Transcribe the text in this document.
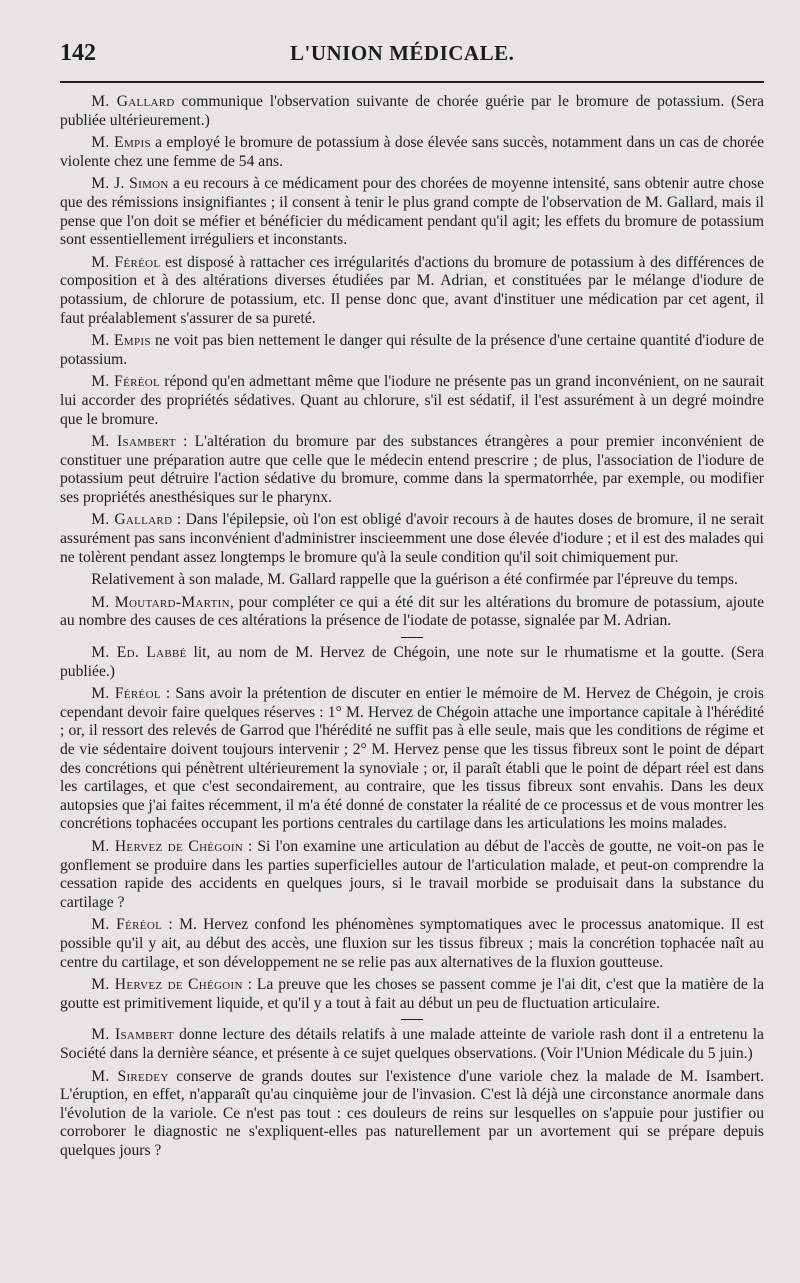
142	L'UNION MÉDICALE.

M. Gallard communique l'observation suivante de chorée guérie par le bromure de potassium. (Sera publiée ultérieurement.)

M. Empis a employé le bromure de potassium à dose élevée sans succès, notamment dans un cas de chorée violente chez une femme de 54 ans.

M. J. Simon a eu recours à ce médicament pour des chorées de moyenne intensité, sans obtenir autre chose que des rémissions insignifiantes ; il consent à tenir le plus grand compte de l'observation de M. Gallard, mais il pense que l'on doit se méfier et bénéficier du médicament pendant qu'il agit; les effets du bromure de potassium sont essentiellement irréguliers et inconstants.

M. Féréol est disposé à rattacher ces irrégularités d'actions du bromure de potassium à des différences de composition et à des altérations diverses étudiées par M. Adrian, et constituées par le mélange d'iodure de potassium, de chlorure de potassium, etc. Il pense donc que, avant d'instituer une médication par cet agent, il faut préalablement s'assurer de sa pureté.

M. Empis ne voit pas bien nettement le danger qui résulte de la présence d'une certaine quantité d'iodure de potassium.

M. Féréol répond qu'en admettant même que l'iodure ne présente pas un grand inconvénient, on ne saurait lui accorder des propriétés sédatives. Quant au chlorure, s'il est sédatif, il l'est assurément à un degré moindre que le bromure.

M. Isambert : L'altération du bromure par des substances étrangères a pour premier inconvénient de constituer une préparation autre que celle que le médecin entend prescrire ; de plus, l'association de l'iodure de potassium peut détruire l'action sédative du bromure, comme dans la spermatorrhée, par exemple, ou modifier ses propriétés anesthésiques sur le pharynx.

M. Gallard : Dans l'épilepsie, où l'on est obligé d'avoir recours à de hautes doses de bromure, il ne serait assurément pas sans inconvénient d'administrer inscieemment une dose élevée d'iodure ; et il est des malades qui ne tolèrent pendant assez longtemps le bromure qu'à la seule condition qu'il soit chimiquement pur.

Relativement à son malade, M. Gallard rappelle que la guérison a été confirmée par l'épreuve du temps.

M. Moutard-Martin, pour compléter ce qui a été dit sur les altérations du bromure de potassium, ajoute au nombre des causes de ces altérations la présence de l'iodate de potasse, signalée par M. Adrian.

M. Ed. Labbé lit, au nom de M. Hervez de Chégoin, une note sur le rhumatisme et la goutte. (Sera publiée.)

M. Féréol : Sans avoir la prétention de discuter en entier le mémoire de M. Hervez de Chégoin, je crois cependant devoir faire quelques réserves : 1° M. Hervez de Chégoin attache une importance capitale à l'hérédité ; or, il ressort des relevés de Garrod que l'hérédité ne suffit pas à elle seule, mais que les conditions de régime et de vie sédentaire doivent toujours intervenir ; 2° M. Hervez pense que les tissus fibreux sont le point de départ des concrétions qui pénètrent ultérieurement la synoviale ; or, il paraît établi que le point de départ réel est dans les cartilages, et que c'est secondairement, au contraire, que les tissus fibreux sont envahis. Dans les deux autopsies que j'ai faites récemment, il m'a été donné de constater la réalité de ce processus et de vous montrer les concrétions tophacées occupant les portions centrales du cartilage dans les articulations les moins malades.

M. Hervez de Chégoin : Si l'on examine une articulation au début de l'accès de goutte, ne voit-on pas le gonflement se produire dans les parties superficielles autour de l'articulation malade, et peut-on comprendre la cessation rapide des accidents en quelques jours, si le travail morbide se produisait dans la substance du cartilage ?

M. Féréol : M. Hervez confond les phénomènes symptomatiques avec le processus anatomique. Il est possible qu'il y ait, au début des accès, une fluxion sur les tissus fibreux ; mais la concrétion tophacée naît au centre du cartilage, et son développement ne se relie pas aux alternatives de la fluxion goutteuse.

M. Hervez de Chégoin : La preuve que les choses se passent comme je l'ai dit, c'est que la matière de la goutte est primitivement liquide, et qu'il y a tout à fait au début un peu de fluctuation articulaire.

M. Isambert donne lecture des détails relatifs à une malade atteinte de variole rash dont il a entretenu la Société dans la dernière séance, et présente à ce sujet quelques observations. (Voir l'Union Médicale du 5 juin.)

M. Siredey conserve de grands doutes sur l'existence d'une variole chez la malade de M. Isambert. L'éruption, en effet, n'apparaît qu'au cinquième jour de l'invasion. C'est là déjà une circonstance anormale dans l'évolution de la variole. Ce n'est pas tout : ces douleurs de reins sur lesquelles on s'appuie pour justifier ou corroborer le diagnostic ne s'expliquent-elles pas naturellement par un avortement qui se prépare depuis quelques jours ?
